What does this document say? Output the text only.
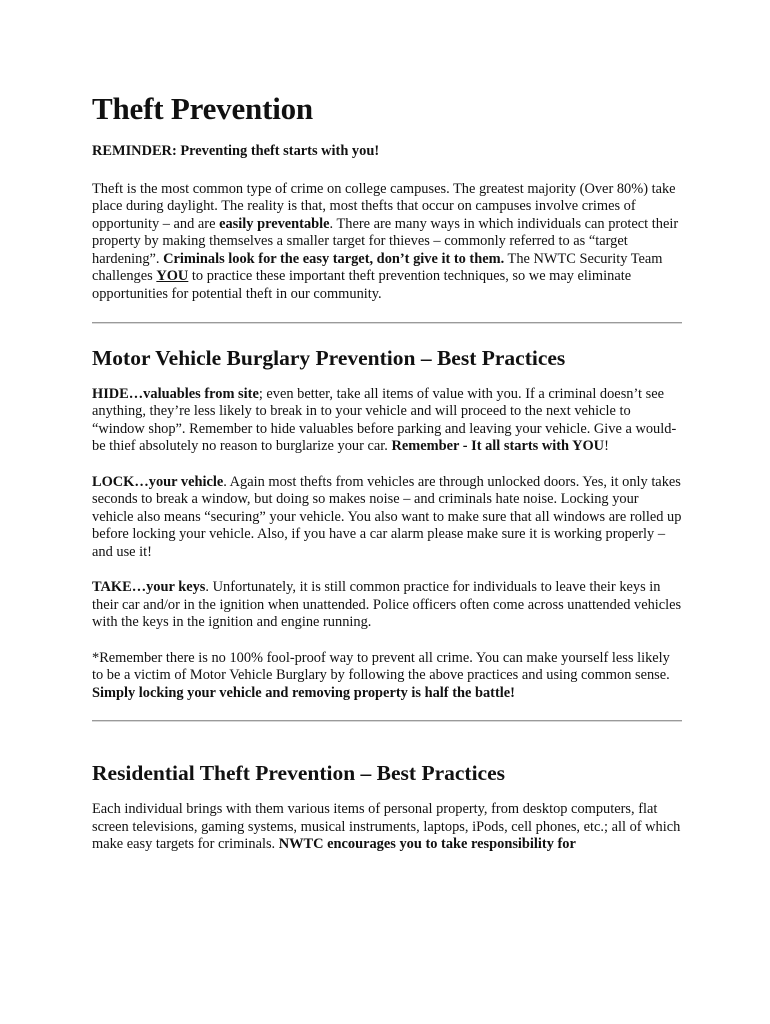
Theft Prevention

REMINDER: Preventing theft starts with you!

Theft is the most common type of crime on college campuses. The greatest majority (Over 80%) take place during daylight. The reality is that, most thefts that occur on campuses involve crimes of opportunity – and are easily preventable. There are many ways in which individuals can protect their property by making themselves a smaller target for thieves – commonly referred to as “target hardening”. Criminals look for the easy target, don’t give it to them. The NWTC Security Team challenges YOU to practice these important theft prevention techniques, so we may eliminate opportunities for potential theft in our community.

Motor Vehicle Burglary Prevention – Best Practices

HIDE…valuables from site; even better, take all items of value with you. If a criminal doesn’t see anything, they’re less likely to break in to your vehicle and will proceed to the next vehicle to “window shop”. Remember to hide valuables before parking and leaving your vehicle. Give a would-be thief absolutely no reason to burglarize your car. Remember - It all starts with YOU!

LOCK…your vehicle. Again most thefts from vehicles are through unlocked doors. Yes, it only takes seconds to break a window, but doing so makes noise – and criminals hate noise. Locking your vehicle also means “securing” your vehicle. You also want to make sure that all windows are rolled up before locking your vehicle. Also, if you have a car alarm please make sure it is working properly – and use it!

TAKE…your keys. Unfortunately, it is still common practice for individuals to leave their keys in their car and/or in the ignition when unattended. Police officers often come across unattended vehicles with the keys in the ignition and engine running.

*Remember there is no 100% fool-proof way to prevent all crime. You can make yourself less likely to be a victim of Motor Vehicle Burglary by following the above practices and using common sense. Simply locking your vehicle and removing property is half the battle!

Residential Theft Prevention – Best Practices

Each individual brings with them various items of personal property, from desktop computers, flat screen televisions, gaming systems, musical instruments, laptops, iPods, cell phones, etc.; all of which make easy targets for criminals. NWTC encourages you to take responsibility for
